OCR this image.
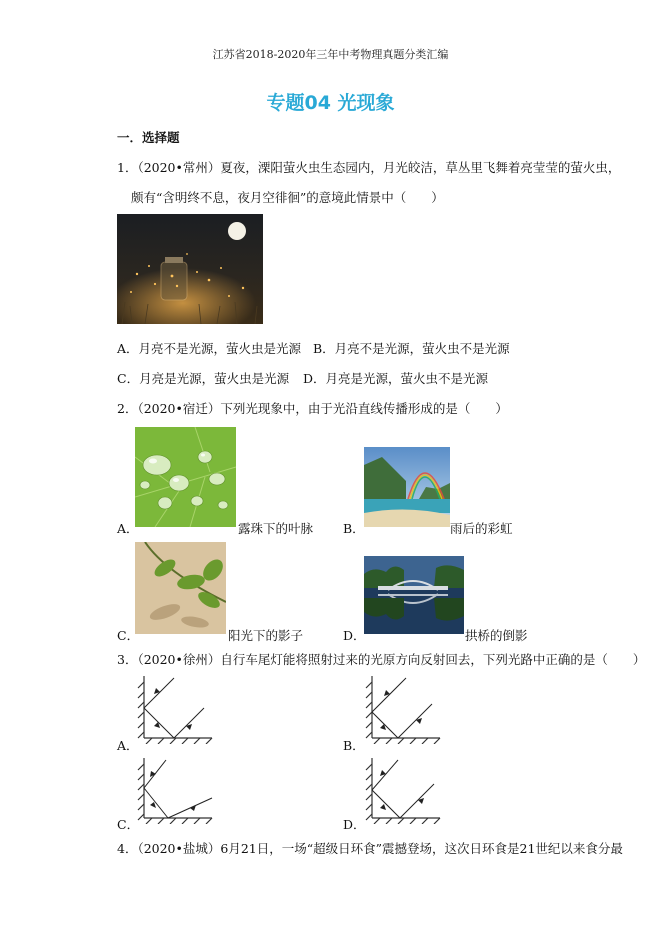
江苏省2018-2020年三年中考物理真题分类汇编
专题04 光现象
一．选择题
1．（2020•常州）夏夜，溧阳萤火虫生态园内，月光皎洁，草丛里飞舞着亮莹莹的萤火虫，
颇有“含明终不息，夜月空徘徊”的意境此情景中（　　）
A．月亮不是光源，萤火虫是光源 B．月亮不是光源，萤火虫不是光源
C．月亮是光源，萤火虫是光源 D．月亮是光源，萤火虫不是光源
2．（2020•宿迁）下列光现象中，由于光沿直线传播形成的是（　　）
A．	露珠下的叶脉 B．	雨后的彩虹
C．	阳光下的影子	D．	拱桥的倒影
3．（2020•徐州）自行车尾灯能将照射过来的光原方向反射回去，下列光路中正确的是（　　）
A．	B．
C．	D．
4．（2020•盐城）6月21日，一场“超级日环食”震撼登场，这次日环食是21世纪以来食分最
